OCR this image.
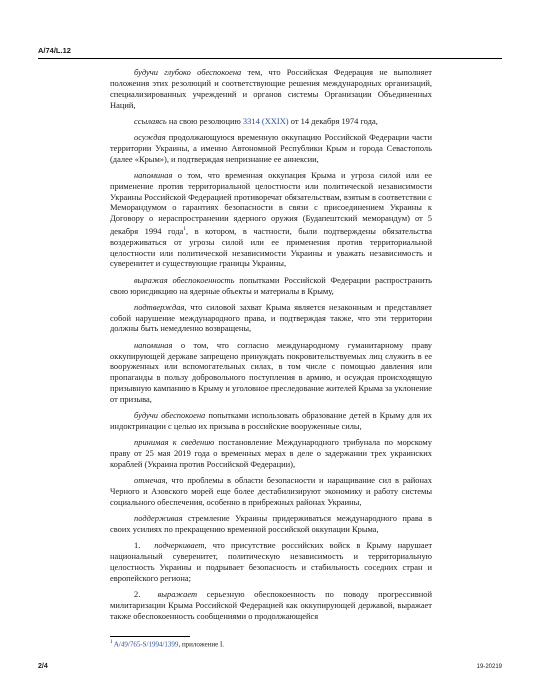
A/74/L.12

будучи глубоко обеспокоена тем, что Российская Федерация не выполняет положения этих резолюций и соответствующие решения международных организаций, специализированных учреждений и органов системы Организации Объединенных Наций,

ссылаясь на свою резолюцию 3314 (XXIX) от 14 декабря 1974 года,

осуждая продолжающуюся временную оккупацию Российской Федерации части территории Украины, а именно Автономной Республики Крым и города Севастополь (далее «Крым»), и подтверждая непризнание ее аннексии,

напоминая о том, что временная оккупация Крыма и угроза силой или ее применение против территориальной целостности или политической независимости Украины Российской Федерацией противоречат обязательствам, взятым в соответствии с Меморандумом о гарантиях безопасности в связи с присоединением Украины к Договору о нераспространении ядерного оружия (Будапештский меморандум) от 5 декабря 1994 года$^1$, в котором, в частности, были подтверждены обязательства воздерживаться от угрозы силой или ее применения против территориальной целостности или политической независимости Украины и уважать независимость и суверенитет и существующие границы Украины,

выражая обеспокоенность попытками Российской Федерации распространить свою юрисдикцию на ядерные объекты и материалы в Крыму,

подтверждая, что силовой захват Крыма является незаконным и представляет собой нарушение международного права, и подтверждая также, что эти территории должны быть немедленно возвращены,

напоминая о том, что согласно международному гуманитарному праву оккупирующей державе запрещено принуждать покровительствуемых лиц служить в ее вооруженных или вспомогательных силах, в том числе с помощью давления или пропаганды в пользу добровольного поступления в армию, и осуждая происходящую призывную кампанию в Крыму и уголовное преследование жителей Крыма за уклонение от призыва,

будучи обеспокоена попытками использовать образование детей в Крыму для их индоктринации с целью их призыва в российские вооруженные силы,

принимая к сведению постановление Международного трибунала по морскому праву от 25 мая 2019 года о временных мерах в деле о задержании трех украинских кораблей (Украина против Российской Федерации),

отмечая, что проблемы в области безопасности и наращивание сил в районах Черного и Азовского морей еще более дестабилизируют экономику и работу системы социального обеспечения, особенно в прибрежных районах Украины,

поддерживая стремление Украины придерживаться международного права в своих усилиях по прекращению временной российской оккупации Крыма,

1. подчеркивает, что присутствие российских войск в Крыму нарушает национальный суверенитет, политическую независимость и территориальную целостность Украины и подрывает безопасность и стабильность соседних стран и европейского региона;

2. выражает серьезную обеспокоенность по поводу прогрессивной милитаризации Крыма Российской Федерацией как оккупирующей державой, выражает также обеспокоенность сообщениями о продолжающейся

$^1$ A/49/765-S/1994/1399, приложение I.
2/4	19-20219
